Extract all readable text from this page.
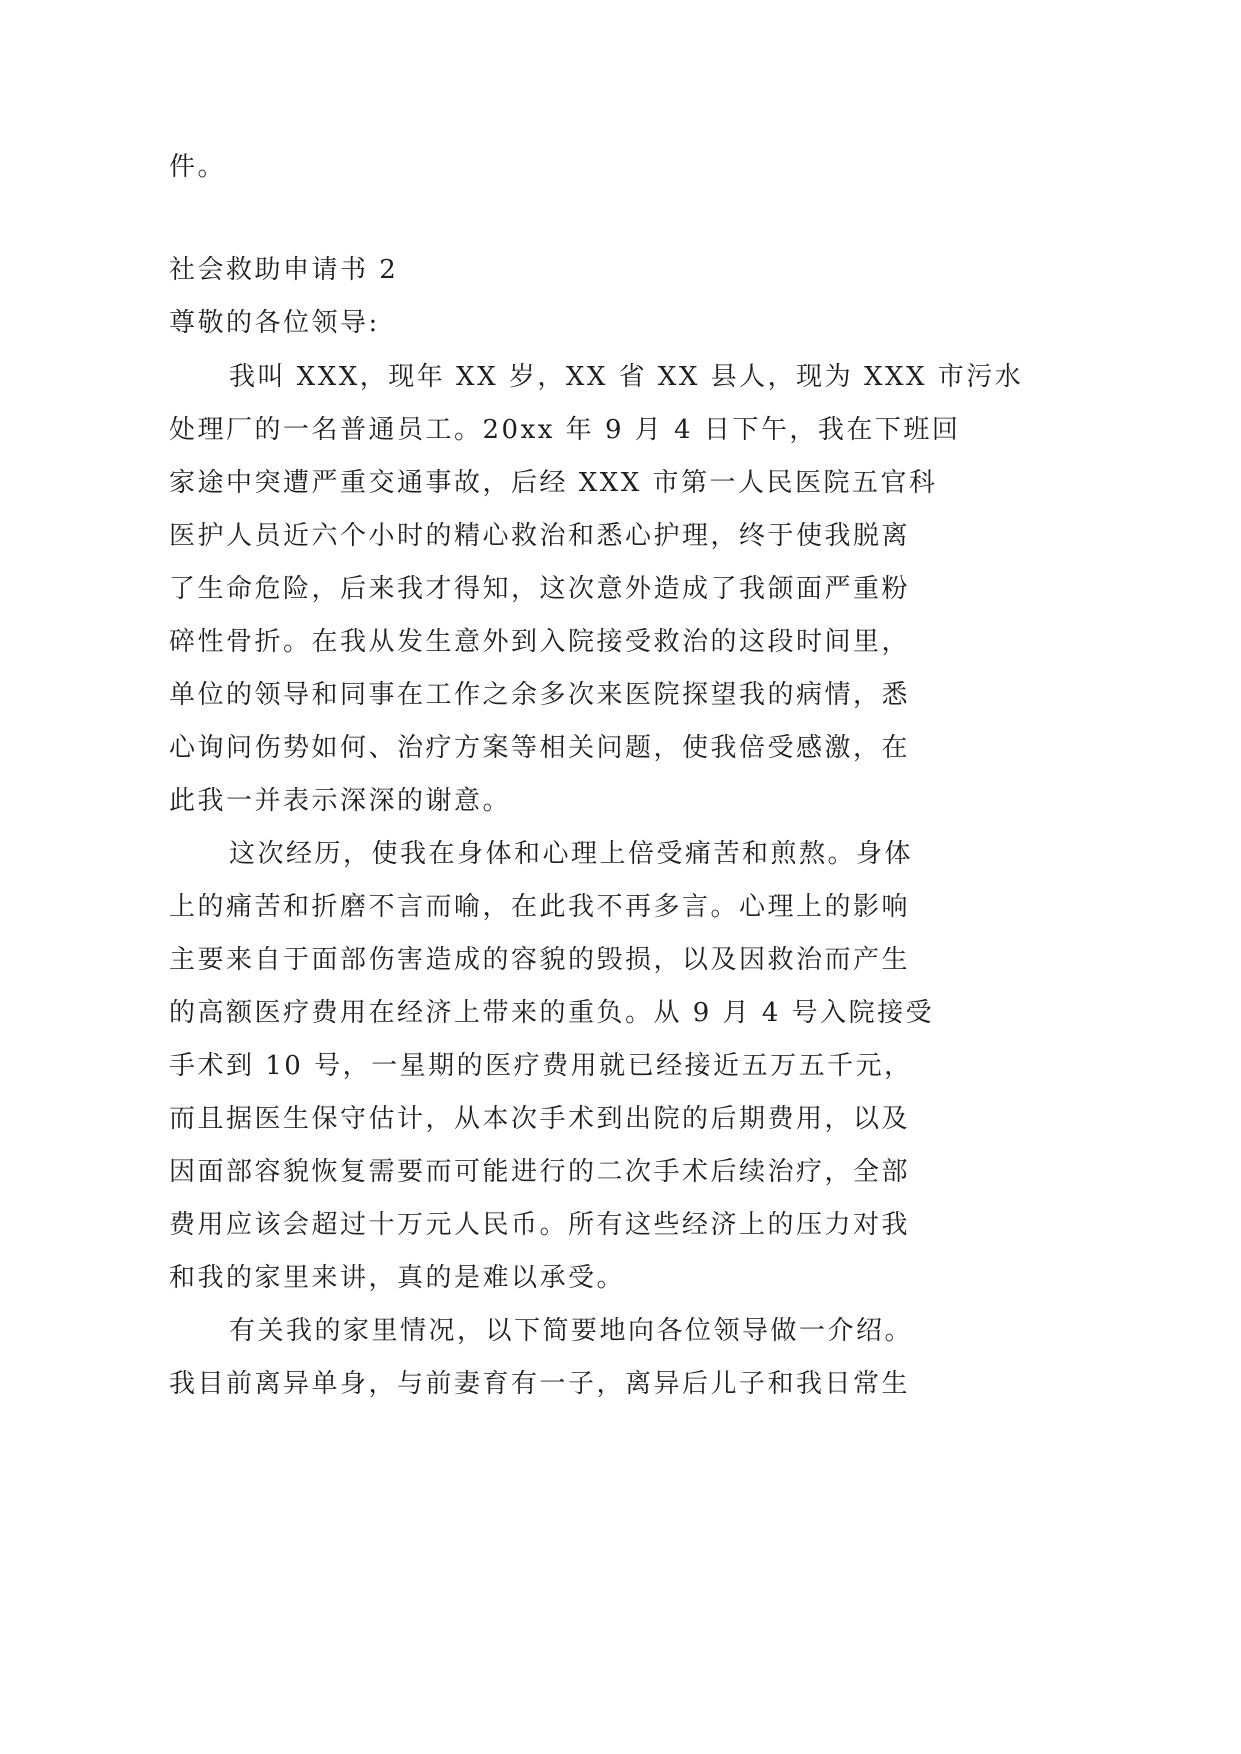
件。
社会救助申请书 2
尊敬的各位领导:
我叫 XXX，现年 XX 岁，XX 省 XX 县人，现为 XXX 市污水
处理厂的一名普通员工。20xx 年 9 月 4 日下午，我在下班回
家途中突遭严重交通事故，后经 XXX 市第一人民医院五官科
医护人员近六个小时的精心救治和悉心护理，终于使我脱离
了生命危险，后来我才得知，这次意外造成了我颌面严重粉
碎性骨折。在我从发生意外到入院接受救治的这段时间里，
单位的领导和同事在工作之余多次来医院探望我的病情，悉
心询问伤势如何、治疗方案等相关问题，使我倍受感激，在
此我一并表示深深的谢意。
这次经历，使我在身体和心理上倍受痛苦和煎熬。身体
上的痛苦和折磨不言而喻，在此我不再多言。心理上的影响
主要来自于面部伤害造成的容貌的毁损，以及因救治而产生
的高额医疗费用在经济上带来的重负。从 9 月 4 号入院接受
手术到 10 号，一星期的医疗费用就已经接近五万五千元，
而且据医生保守估计，从本次手术到出院的后期费用，以及
因面部容貌恢复需要而可能进行的二次手术后续治疗，全部
费用应该会超过十万元人民币。所有这些经济上的压力对我
和我的家里来讲，真的是难以承受。
有关我的家里情况，以下简要地向各位领导做一介绍。
我目前离异单身，与前妻育有一子，离异后儿子和我日常生
